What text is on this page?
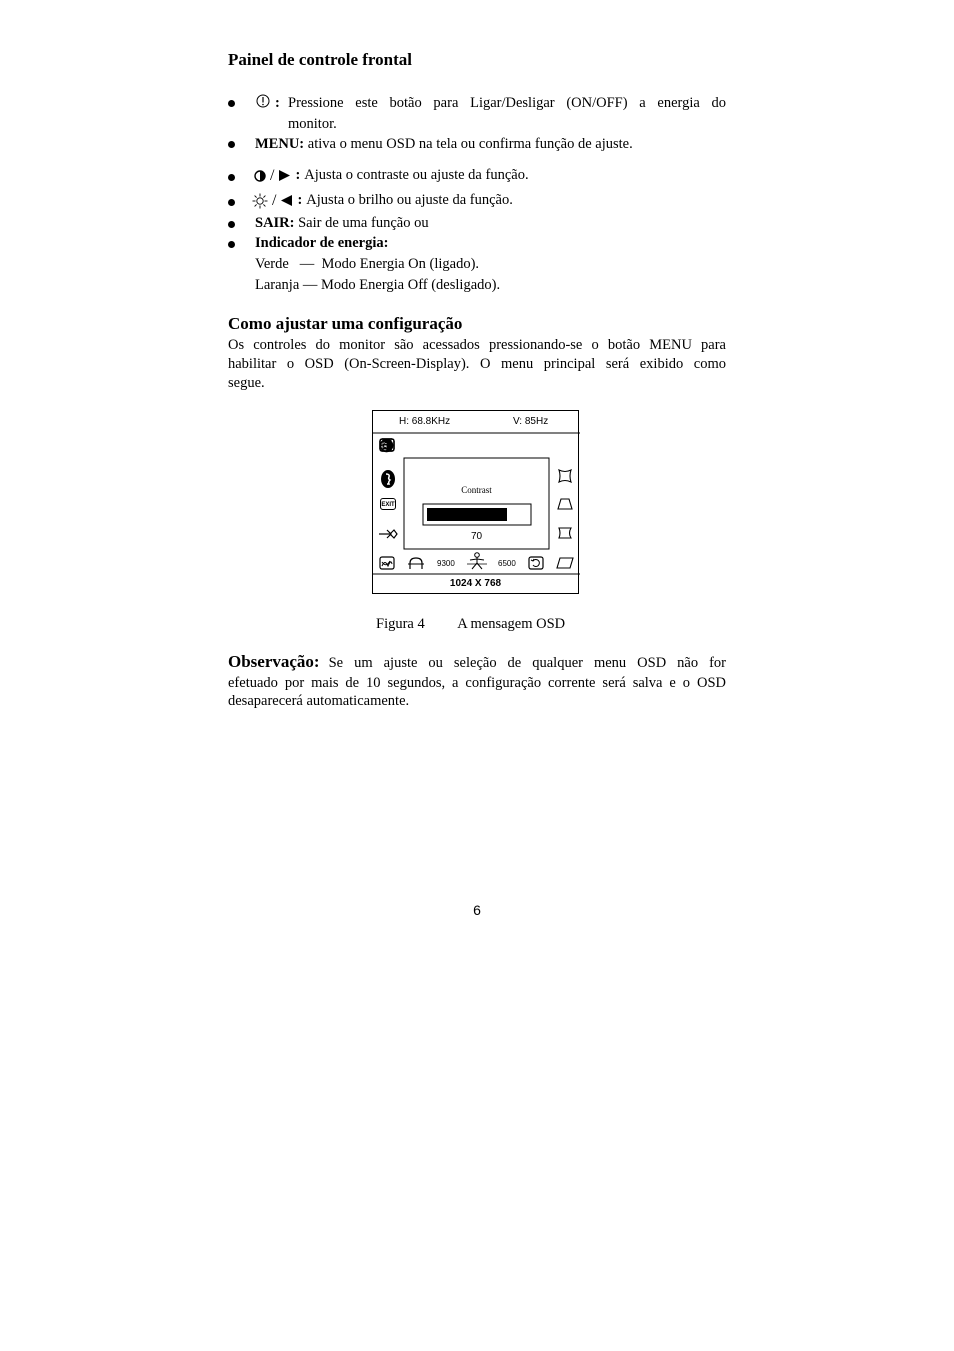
Painel de controle frontal
: Pressione este botão para Ligar/Desligar (ON/OFF) a energia do
monitor.
MENU: ativa o menu OSD na tela ou confirma função de ajuste.
/ : Ajusta o contraste ou ajuste da função.
/ : Ajusta o brilho ou ajuste da função.
SAIR: Sair de uma função ou
Indicador de energia:
Verde   —  Modo Energia On (ligado).
Laranja — Modo Energia Off (desligado).
Como ajustar uma configuração
Os controles do monitor são acessados pressionando-se o botão MENU para
habilitar o OSD (On-Screen-Display). O menu principal será exibido como
segue.
H: 68.8KHz	V: 85Hz
EXIT
Contrast
70
9300	6500
1024 X 768
Figura 4 A mensagem OSD
Observação: Se um ajuste ou seleção de qualquer menu OSD não for
efetuado por mais de 10 segundos, a configuração corrente será salva e o OSD
desaparecerá automaticamente.
6
